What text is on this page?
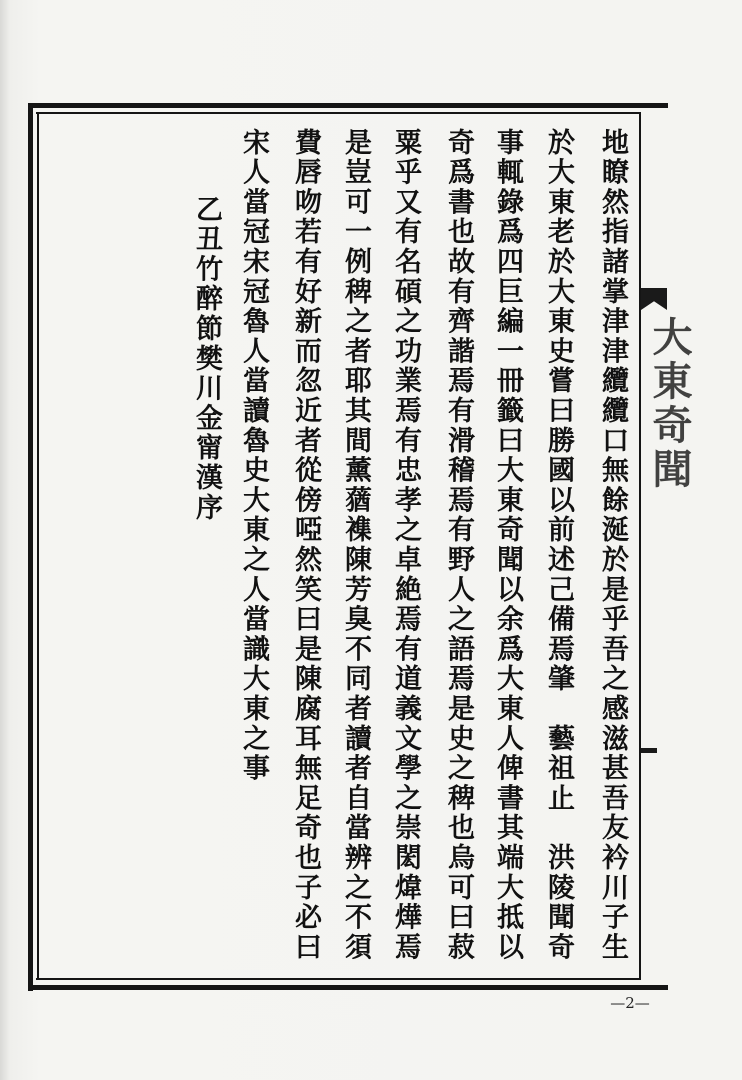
大東奇聞
地瞭然指諸掌津津纜纜口無餘涎於是乎吾之感滋甚吾友衿川子生
於大東老於大東史嘗曰勝國以前述己備焉肇　藝祖止　洪陵聞奇
事輒錄爲四巨編一冊籤曰大東奇聞以余爲大東人俾書其端大抵以
奇爲書也故有齊諧焉有滑稽焉有野人之語焉是史之稗也烏可曰菽
粟乎又有名碩之功業焉有忠孝之卓絶焉有道義文學之崇閎煒燁焉
是豈可一例稗之者耶其間薰蕕襍陳芳臭不同者讀者自當辨之不須
費唇吻若有好新而忽近者從傍啞然笑曰是陳腐耳無足奇也子必曰
宋人當冠宋冠魯人當讀魯史大東之人當識大東之事
乙丑竹醉節樊川金甯漢序
—2—
